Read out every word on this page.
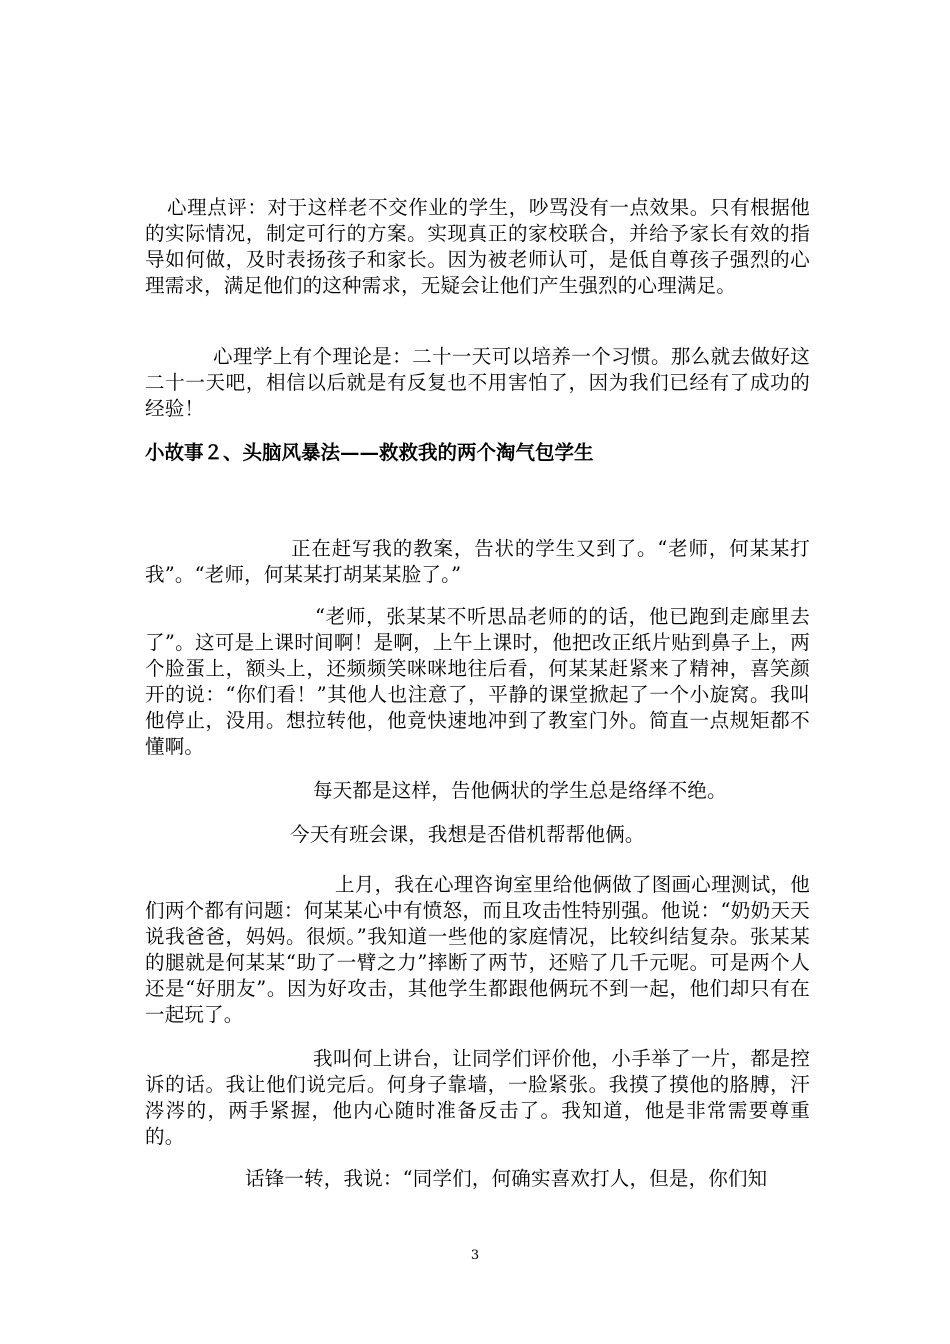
心理点评：对于这样老不交作业的学生，吵骂没有一点效果。只有根据他的实际情况，制定可行的方案。实现真正的家校联合，并给予家长有效的指导如何做，及时表扬孩子和家长。因为被老师认可，是低自尊孩子强烈的心理需求，满足他们的这种需求，无疑会让他们产生强烈的心理满足。

心理学上有个理论是：二十一天可以培养一个习惯。那么就去做好这二十一天吧，相信以后就是有反复也不用害怕了，因为我们已经有了成功的经验！

小故事２、头脑风暴法——救救我的两个淘气包学生

正在赶写我的教案，告状的学生又到了。“老师，何某某打我”。“老师，何某某打胡某某脸了。”

“老师，张某某不听思品老师的的话，他已跑到走廊里去了”。这可是上课时间啊！是啊，上午上课时，他把改正纸片贴到鼻子上，两个脸蛋上，额头上，还频频笑咪咪地往后看，何某某赶紧来了精神，喜笑颜开的说：“你们看！”其他人也注意了，平静的课堂掀起了一个小旋窝。我叫他停止，没用。想拉转他，他竟快速地冲到了教室门外。简直一点规矩都不懂啊。

每天都是这样，告他俩状的学生总是络绎不绝。

今天有班会课，我想是否借机帮帮他俩。

上月，我在心理咨询室里给他俩做了图画心理测试，他们两个都有问题：何某某心中有愤怒，而且攻击性特别强。他说：“奶奶天天说我爸爸，妈妈。很烦。”我知道一些他的家庭情况，比较纠结复杂。张某某的腿就是何某某“助了一臂之力”摔断了两节，还赔了几千元呢。可是两个人还是“好朋友”。因为好攻击，其他学生都跟他俩玩不到一起，他们却只有在一起玩了。

我叫何上讲台，让同学们评价他，小手举了一片，都是控诉的话。我让他们说完后。何身子靠墙，一脸紧张。我摸了摸他的胳膊，汗涔涔的，两手紧握，他内心随时准备反击了。我知道，他是非常需要尊重的。

话锋一转，我说：“同学们，何确实喜欢打人，但是，你们知

3
